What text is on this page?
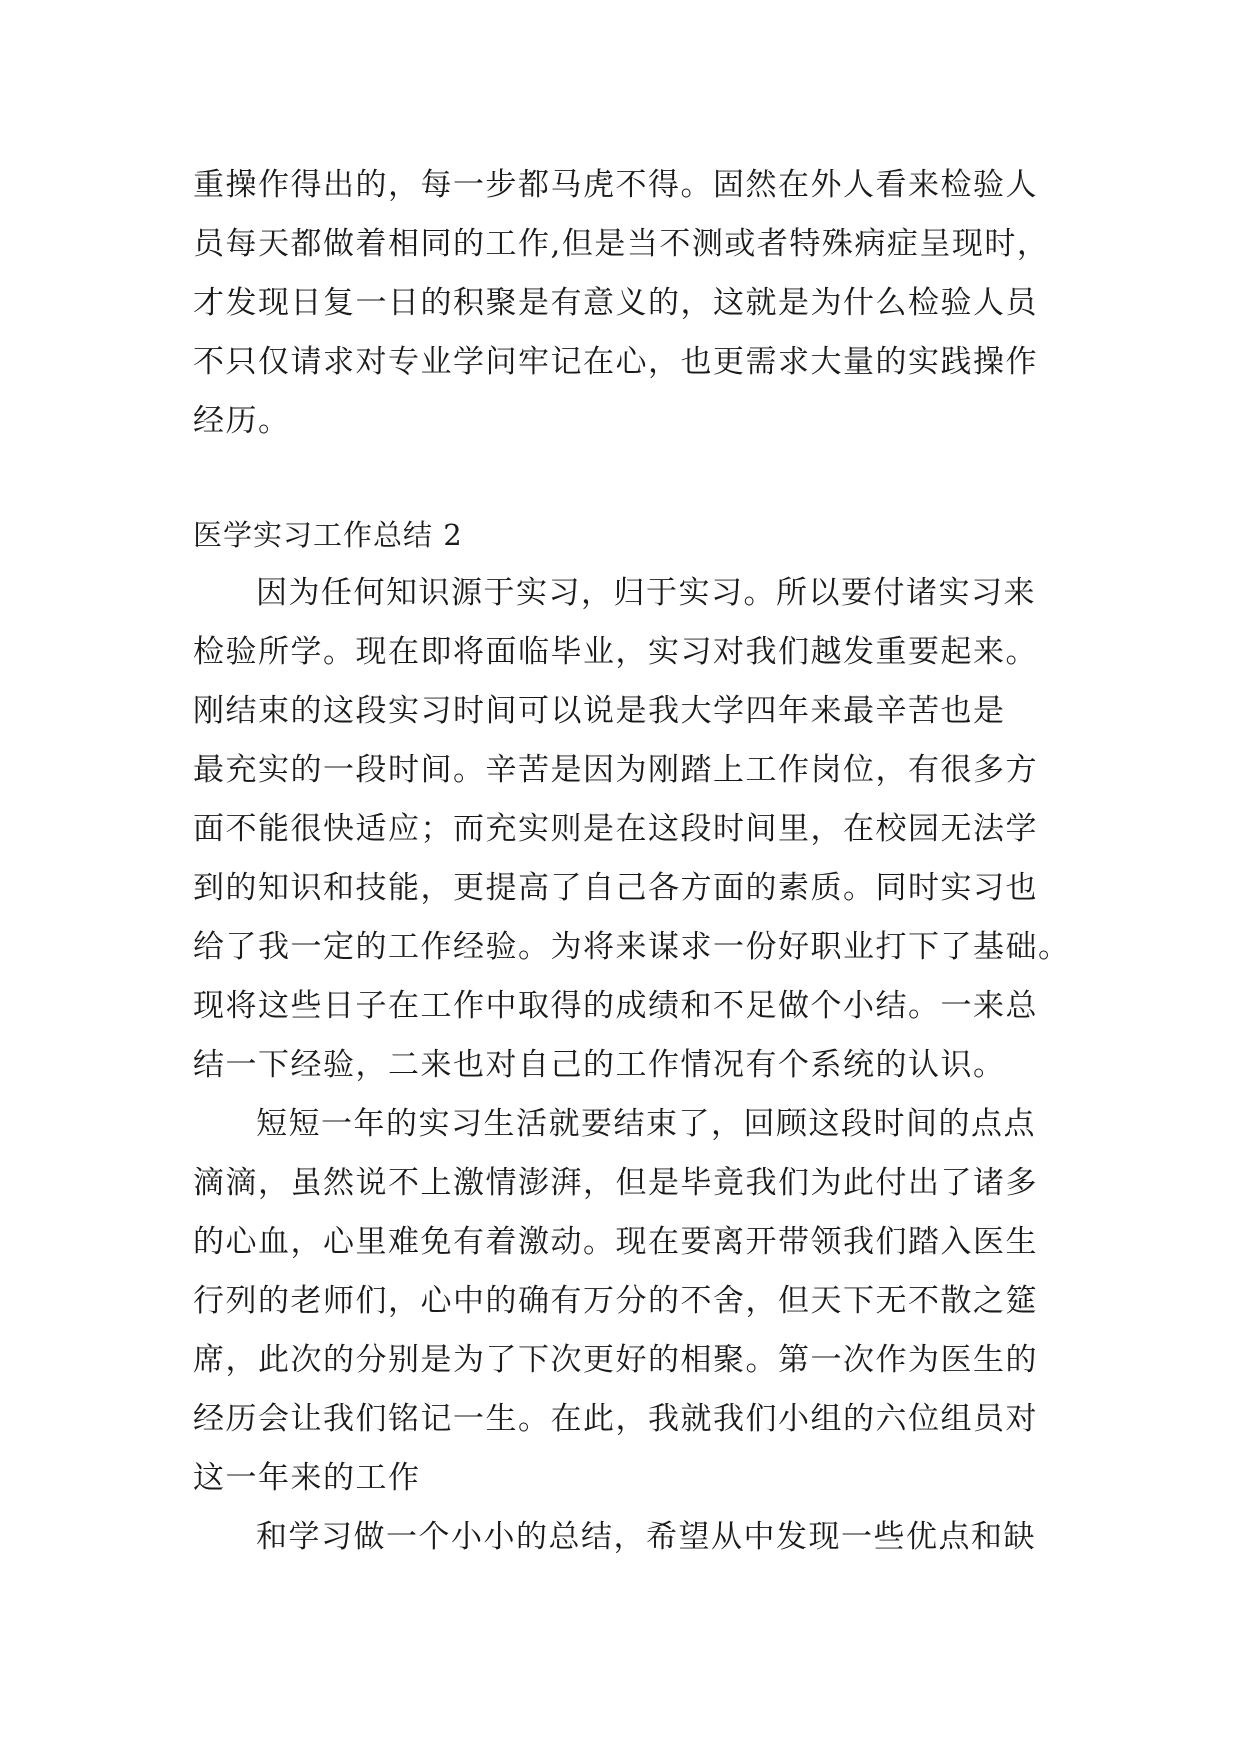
重操作得出的，每一步都马虎不得。固然在外人看来检验人
员每天都做着相同的工作,但是当不测或者特殊病症呈现时，
才发现日复一日的积聚是有意义的，这就是为什么检验人员
不只仅请求对专业学问牢记在心，也更需求大量的实践操作
经历。
医学实习工作总结 2
因为任何知识源于实习，归于实习。所以要付诸实习来
检验所学。现在即将面临毕业，实习对我们越发重要起来。
刚结束的这段实习时间可以说是我大学四年来最辛苦也是
最充实的一段时间。辛苦是因为刚踏上工作岗位，有很多方
面不能很快适应；而充实则是在这段时间里，在校园无法学
到的知识和技能，更提高了自己各方面的素质。同时实习也
给了我一定的工作经验。为将来谋求一份好职业打下了基础。
现将这些日子在工作中取得的成绩和不足做个小结。一来总
结一下经验，二来也对自己的工作情况有个系统的认识。
短短一年的实习生活就要结束了，回顾这段时间的点点
滴滴，虽然说不上激情澎湃，但是毕竟我们为此付出了诸多
的心血，心里难免有着激动。现在要离开带领我们踏入医生
行列的老师们，心中的确有万分的不舍，但天下无不散之筵
席，此次的分别是为了下次更好的相聚。第一次作为医生的
经历会让我们铭记一生。在此，我就我们小组的六位组员对
这一年来的工作
和学习做一个小小的总结，希望从中发现一些优点和缺
